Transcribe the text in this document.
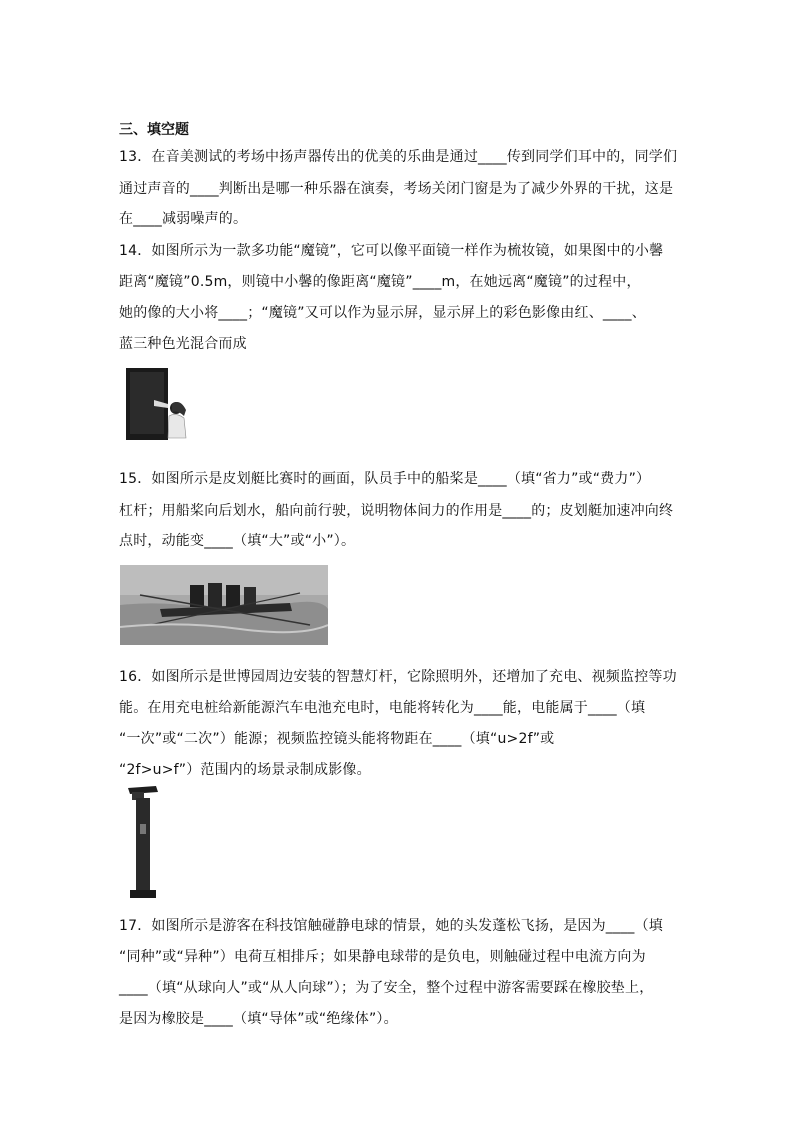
三、填空题
13．在音美测试的考场中扬声器传出的优美的乐曲是通过____传到同学们耳中的，同学们
通过声音的____判断出是哪一种乐器在演奏，考场关闭门窗是为了减少外界的干扰，这是
在____减弱噪声的。
14．如图所示为一款多功能“魔镜”，它可以像平面镜一样作为梳妆镜，如果图中的小馨
距离“魔镜”0.5m，则镜中小馨的像距离“魔镜”____m，在她远离“魔镜”的过程中，
她的像的大小将____；“魔镜”又可以作为显示屏，显示屏上的彩色影像由红、____、
蓝三种色光混合而成
15．如图所示是皮划艇比赛时的画面，队员手中的船桨是____（填“省力”或“费力”）
杠杆；用船桨向后划水，船向前行驶，说明物体间力的作用是____的；皮划艇加速冲向终
点时，动能变____（填“大”或“小”）。
16．如图所示是世博园周边安装的智慧灯杆，它除照明外，还增加了充电、视频监控等功
能。在用充电桩给新能源汽车电池充电时，电能将转化为____能，电能属于____（填
“一次”或“二次”）能源；视频监控镜头能将物距在____（填“u>2f”或
“2f>u>f”）范围内的场景录制成影像。
17．如图所示是游客在科技馆触碰静电球的情景，她的头发蓬松飞扬，是因为____（填
“同种”或“异种”）电荷互相排斥；如果静电球带的是负电，则触碰过程中电流方向为
____（填“从球向人”或“从人向球”）；为了安全，整个过程中游客需要踩在橡胶垫上，
是因为橡胶是____（填“导体”或“绝缘体”）。
